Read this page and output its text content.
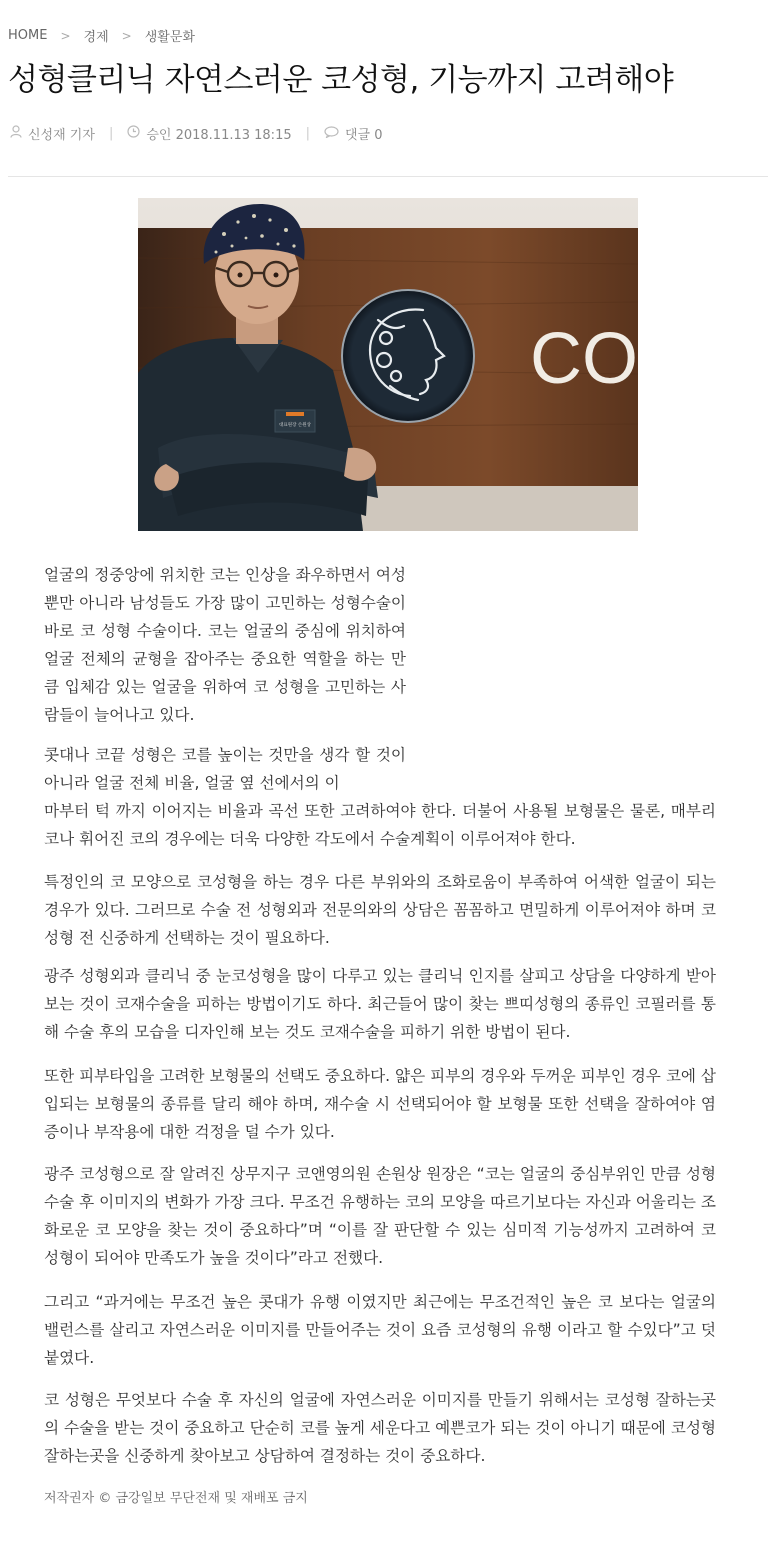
HOME > 경제 > 생활문화
성형클리닉 자연스러운 코성형, 기능까지 고려해야
신성재 기자 |	승인 2018.11.13 18:15 |	댓글 0
CO
대표원장 손원상

얼굴의 정중앙에 위치한 코는 인상을 좌우하면서 여성뿐만 아니라 남성들도 가장 많이 고민하는 성형수술이 바로 코 성형 수술이다. 코는 얼굴의 중심에 위치하여 얼굴 전체의 균형을 잡아주는 중요한 역할을 하는 만큼 입체감 있는 얼굴을 위하여 코 성형을 고민하는 사람들이 늘어나고 있다.

콧대나 코끝 성형은 코를 높이는 것만을 생각 할 것이 아니라 얼굴 전체 비율, 얼굴 옆 선에서의 이
마부터 턱 까지 이어지는 비율과 곡선 또한 고려하여야 한다. 더불어 사용될 보형물은 물론, 매부리코나 휘어진 코의 경우에는 더욱 다양한 각도에서 수술계획이 이루어져야 한다.

특정인의 코 모양으로 코성형을 하는 경우 다른 부위와의 조화로움이 부족하여 어색한 얼굴이 되는 경우가 있다. 그러므로 수술 전 성형외과 전문의와의 상담은 꼼꼼하고 면밀하게 이루어져야 하며 코성형 전 신중하게 선택하는 것이 필요하다.

광주 성형외과 클리닉 중 눈코성형을 많이 다루고 있는 클리닉 인지를 살피고 상담을 다양하게 받아보는 것이 코재수술을 피하는 방법이기도 하다. 최근들어 많이 찾는 쁘띠성형의 종류인 코필러를 통해 수술 후의 모습을 디자인해 보는 것도 코재수술을 피하기 위한 방법이 된다.

또한 피부타입을 고려한 보형물의 선택도 중요하다. 얇은 피부의 경우와 두꺼운 피부인 경우 코에 삽입되는 보형물의 종류를 달리 해야 하며, 재수술 시 선택되어야 할 보형물 또한 선택을 잘하여야 염증이나 부작용에 대한 걱정을 덜 수가 있다.

광주 코성형으로 잘 알려진 상무지구 코앤영의원 손원상 원장은 “코는 얼굴의 중심부위인 만큼 성형수술 후 이미지의 변화가 가장 크다. 무조건 유행하는 코의 모양을 따르기보다는 자신과 어울리는 조화로운 코 모양을 찾는 것이 중요하다”며 “이를 잘 판단할 수 있는 심미적 기능성까지 고려하여 코 성형이 되어야 만족도가 높을 것이다”라고 전했다.

그리고 “과거에는 무조건 높은 콧대가 유행 이였지만 최근에는 무조건적인 높은 코 보다는 얼굴의 밸런스를 살리고 자연스러운 이미지를 만들어주는 것이 요즘 코성형의 유행 이라고 할 수있다”고 덧붙였다.

코 성형은 무엇보다 수술 후 자신의 얼굴에 자연스러운 이미지를 만들기 위해서는 코성형 잘하는곳의 수술을 받는 것이 중요하고 단순히 코를 높게 세운다고 예쁜코가 되는 것이 아니기 때문에 코성형잘하는곳을 신중하게 찾아보고 상담하여 결정하는 것이 중요하다.

저작권자 © 금강일보 무단전재 및 재배포 금지
